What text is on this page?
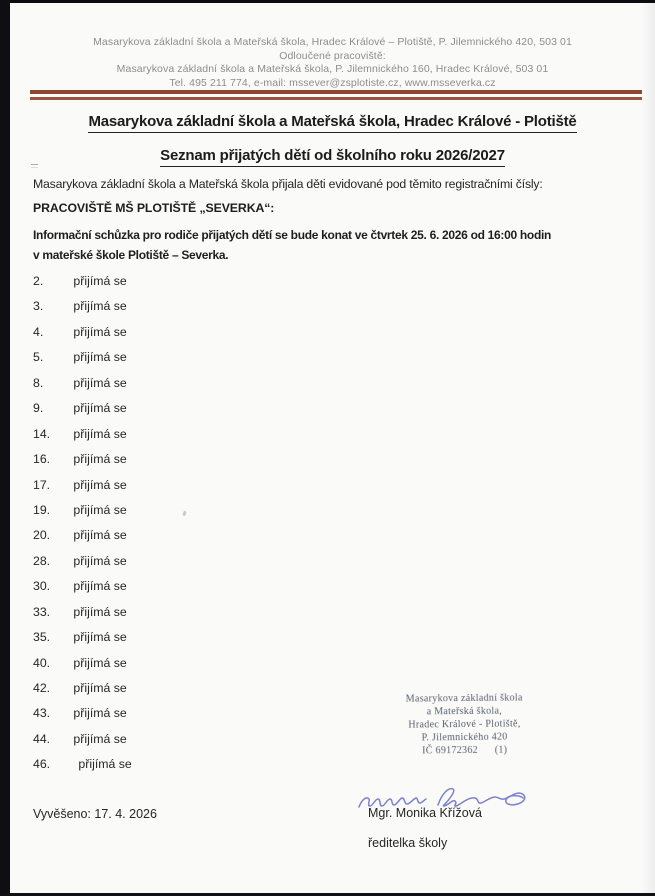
Masarykova základní škola a Mateřská škola, Hradec Králové – Plotiště, P. Jilemnického 420, 503 01
Odloučené pracoviště:
Masarykova základní škola a Mateřská škola, P. Jilemnického 160, Hradec Králové, 503 01
Tel. 495 211 774, e-mail: mssever@zsplotiste.cz, www.msseverka.cz
Masarykova základní škola a Mateřská škola, Hradec Králové - Plotiště
Seznam přijatých dětí od školního roku 2026/2027
Masarykova základní škola a Mateřská škola přijala děti evidované pod těmito registračními čísly:
PRACOVIŠTĚ MŠ PLOTIŠTĚ „SEVERKA“:
Informační schůzka pro rodiče přijatých dětí se bude konat ve čtvrtek 25. 6. 2026 od 16:00 hodin
v mateřské škole Plotiště – Severka.
2. přijímá se
3. přijímá se
4. přijímá se
5. přijímá se
8. přijímá se
9. přijímá se
14. přijímá se
16. přijímá se
17. přijímá se
19. přijímá se
20. přijímá se
28. přijímá se
30. přijímá se
33. přijímá se
35. přijímá se
40. přijímá se
42. přijímá se
43. přijímá se
44. přijímá se
46. přijímá se
Masarykova základní škola
a Mateřská škola,
Hradec Králové - Plotiště,
P. Jilemnického 420
IČ 69172362      (1)
Vyvěšeno: 17. 4. 2026	Mgr. Monika Křížová
ředitelka školy
